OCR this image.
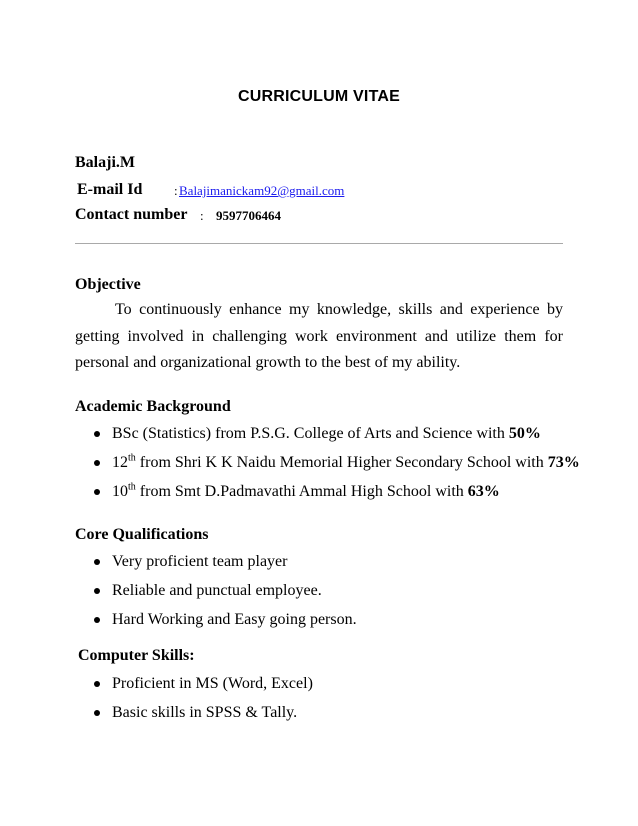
CURRICULUM VITAE
Balaji.M
E-mail Id : Balajimanickam92@gmail.com
Contact number : 9597706464
Objective

To continuously enhance my knowledge, skills and experience by getting involved in challenging work environment and utilize them for personal and organizational growth to the best of my ability.

Academic Background
BSc (Statistics) from P.S.G. College of Arts and Science with 50%
12th from Shri K K Naidu Memorial Higher Secondary School with 73%
10th from Smt D.Padmavathi Ammal High School with 63%
Core Qualifications
Very proficient team player
Reliable and punctual employee.
Hard Working and Easy going person.
Computer Skills:
Proficient in MS (Word, Excel)
Basic skills in SPSS & Tally.
